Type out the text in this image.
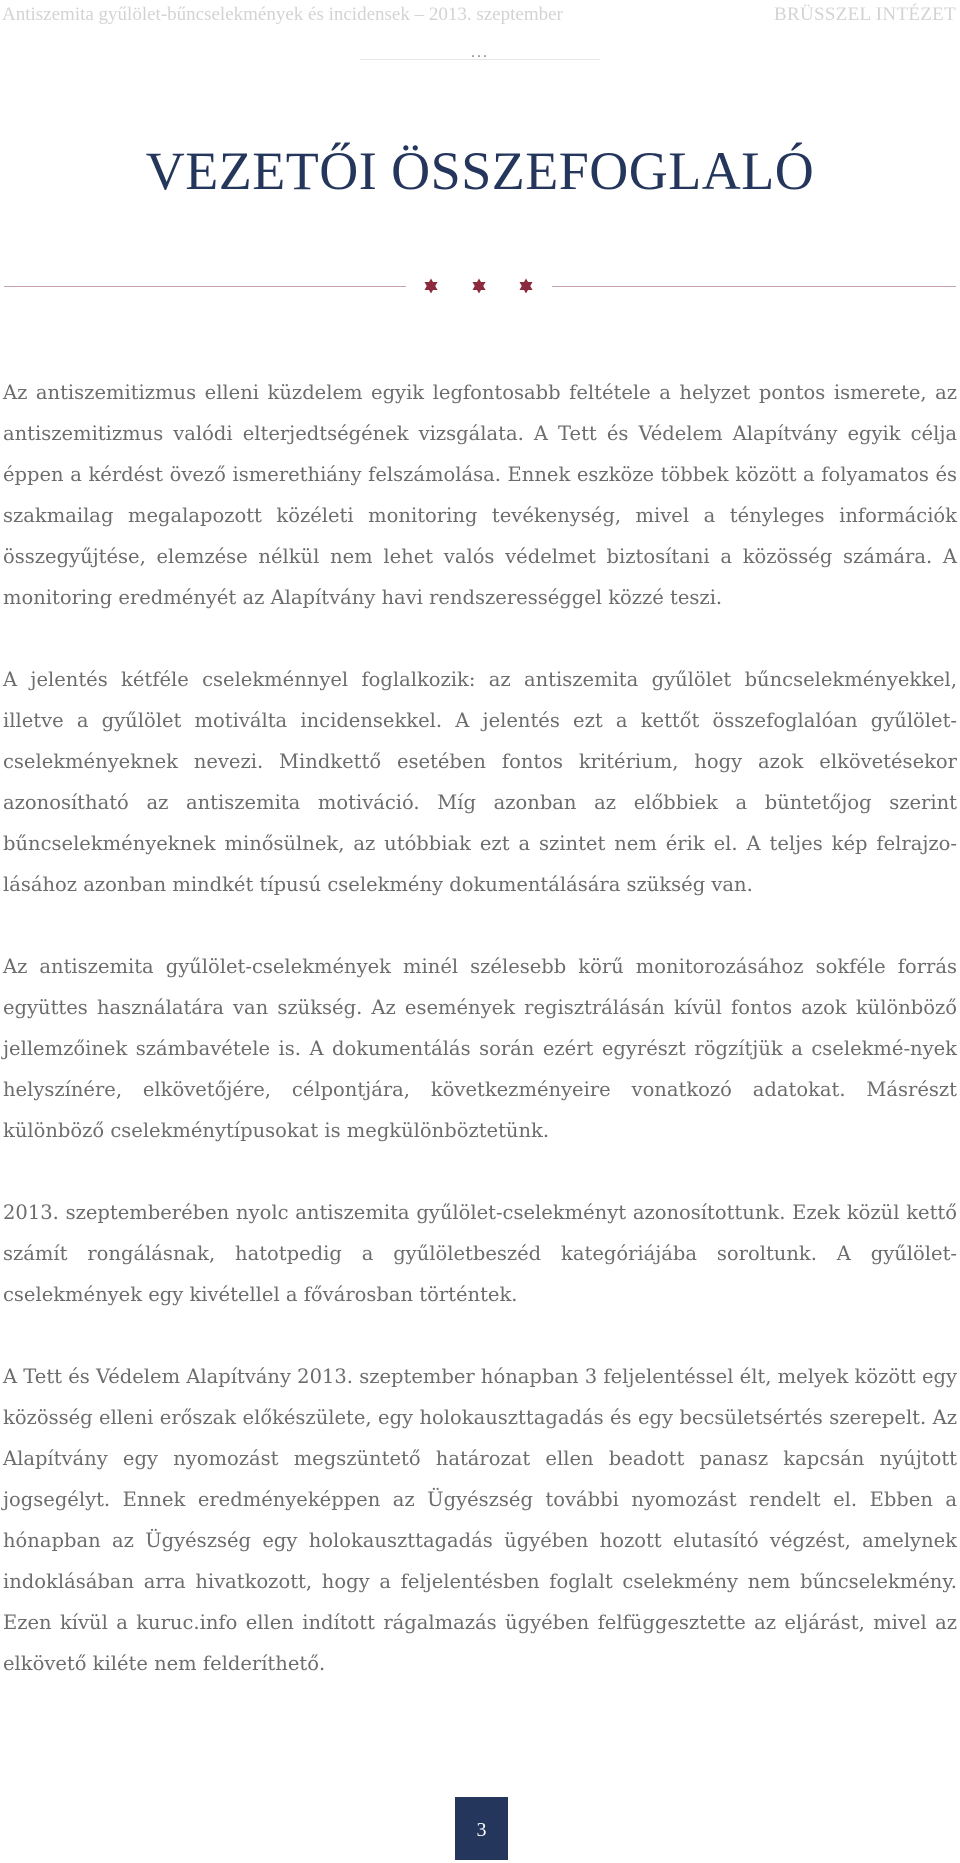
Antiszemita gyűlölet-bűncselekmények és incidensek – 2013. szeptember	BRÜSSZEL INTÉZET
...
VEZETŐI ÖSSZEFOGLALÓ

Az antiszemitizmus elleni küzdelem egyik legfontosabb feltétele a helyzet pontos ismerete, az antiszemitizmus valódi elterjedtségének vizsgálata. A Tett és Védelem Alapítvány egyik célja éppen a kérdést övező ismerethiány felszámolása. Ennek eszköze többek között a folyamatos és szakmailag megalapozott közéleti monitoring tevékenység, mivel a tényleges információk összegyűjtése, elemzése nélkül nem lehet valós védelmet biztosítani a közösség számára. A monitoring eredményét az Alapítvány havi rendszerességgel közzé teszi.

A jelentés kétféle cselekménnyel foglalkozik: az antiszemita gyűlölet bűncselekményekkel, illetve a gyűlölet motiválta incidensekkel. A jelentés ezt a kettőt összefoglalóan gyűlölet-cselekményeknek nevezi. Mindkettő esetében fontos kritérium, hogy azok elkövetésekor azonosítható az antiszemita motiváció. Míg azonban az előbbiek a büntetőjog szerint bűncselekményeknek minősülnek, az utóbbiak ezt a szintet nem érik el. A teljes kép felrajzo-lásához azonban mindkét típusú cselekmény dokumentálására szükség van.

Az antiszemita gyűlölet-cselekmények minél szélesebb körű monitorozásához sokféle forrás együttes használatára van szükség. Az események regisztrálásán kívül fontos azok különböző jellemzőinek számbavétele is. A dokumentálás során ezért egyrészt rögzítjük a cselekmé-nyek helyszínére, elkövetőjére, célpontjára, következményeire vonatkozó adatokat. Másrészt különböző cselekménytípusokat is megkülönböztetünk.

2013. szeptemberében nyolc antiszemita gyűlölet-cselekményt azonosítottunk. Ezek közül kettő számít rongálásnak, hatotpedig a gyűlöletbeszéd kategóriájába soroltunk. A gyűlölet-cselekmények egy kivétellel a fővárosban történtek.

A Tett és Védelem Alapítvány 2013. szeptember hónapban 3 feljelentéssel élt, melyek között egy közösség elleni erőszak előkészülete, egy holokauszttagadás és egy becsületsértés szerepelt. Az Alapítvány egy nyomozást megszüntető határozat ellen beadott panasz kapcsán nyújtott jogsegélyt. Ennek eredményeképpen az Ügyészség további nyomozást rendelt el. Ebben a hónapban az Ügyészség egy holokauszttagadás ügyében hozott elutasító végzést, amelynek indoklásában arra hivatkozott, hogy a feljelentésben foglalt cselekmény nem bűncselekmény. Ezen kívül a kuruc.info ellen indított rágalmazás ügyében felfüggesztette az eljárást, mivel az elkövető kiléte nem felderíthető.

3
